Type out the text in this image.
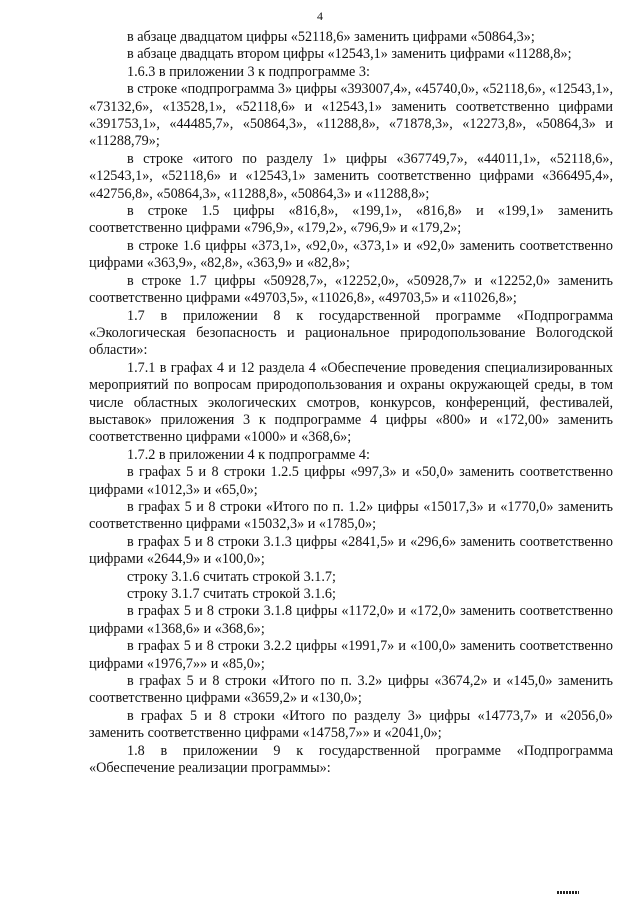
4

в абзаце двадцатом цифры «52118,6» заменить цифрами «50864,3»;

в абзаце двадцать втором цифры «12543,1» заменить цифрами «11288,8»;

1.6.3 в приложении 3 к подпрограмме 3:

в строке «подпрограмма 3» цифры «393007,4», «45740,0», «52118,6», «12543,1», «73132,6», «13528,1», «52118,6» и «12543,1» заменить соответственно цифрами «391753,1», «44485,7», «50864,3», «11288,8», «71878,3», «12273,8», «50864,3» и «11288,79»;

в строке «итого по разделу 1» цифры «367749,7», «44011,1», «52118,6», «12543,1», «52118,6» и «12543,1» заменить соответственно цифрами «366495,4», «42756,8», «50864,3», «11288,8», «50864,3» и «11288,8»;

в строке 1.5 цифры «816,8», «199,1», «816,8» и «199,1» заменить соответственно цифрами «796,9», «179,2», «796,9» и «179,2»;

в строке 1.6 цифры «373,1», «92,0», «373,1» и «92,0» заменить соответственно цифрами «363,9», «82,8», «363,9» и «82,8»;

в строке 1.7 цифры «50928,7», «12252,0», «50928,7» и «12252,0» заменить соответственно цифрами «49703,5», «11026,8», «49703,5» и «11026,8»;

1.7 в приложении 8 к государственной программе «Подпрограмма «Экологическая безопасность и рациональное природопользование Вологодской области»:

1.7.1 в графах 4 и 12 раздела 4 «Обеспечение проведения специализированных мероприятий по вопросам природопользования и охраны окружающей среды, в том числе областных экологических смотров, конкурсов, конференций, фестивалей, выставок» приложения 3 к подпрограмме 4 цифры «800» и «172,00» заменить соответственно цифрами «1000» и «368,6»;

1.7.2 в приложении 4 к подпрограмме 4:

в графах 5 и 8 строки 1.2.5 цифры «997,3» и «50,0» заменить соответственно цифрами «1012,3» и «65,0»;

в графах 5 и 8 строки «Итого по п. 1.2» цифры «15017,3» и «1770,0» заменить соответственно цифрами «15032,3» и «1785,0»;

в графах 5 и 8 строки 3.1.3 цифры «2841,5» и «296,6» заменить соответственно цифрами «2644,9» и «100,0»;

строку 3.1.6 считать строкой 3.1.7;

строку 3.1.7 считать строкой 3.1.6;

в графах 5 и 8 строки 3.1.8 цифры «1172,0» и «172,0» заменить соответственно цифрами «1368,6» и «368,6»;

в графах 5 и 8 строки 3.2.2 цифры «1991,7» и «100,0» заменить соответственно цифрами «1976,7»» и «85,0»;

в графах 5 и 8 строки «Итого по п. 3.2» цифры «3674,2» и «145,0» заменить соответственно цифрами «3659,2» и «130,0»;

в графах 5 и 8 строки «Итого по разделу 3» цифры «14773,7» и «2056,0» заменить соответственно цифрами «14758,7»» и «2041,0»;

1.8 в приложении 9 к государственной программе «Подпрограмма «Обеспечение реализации программы»:
